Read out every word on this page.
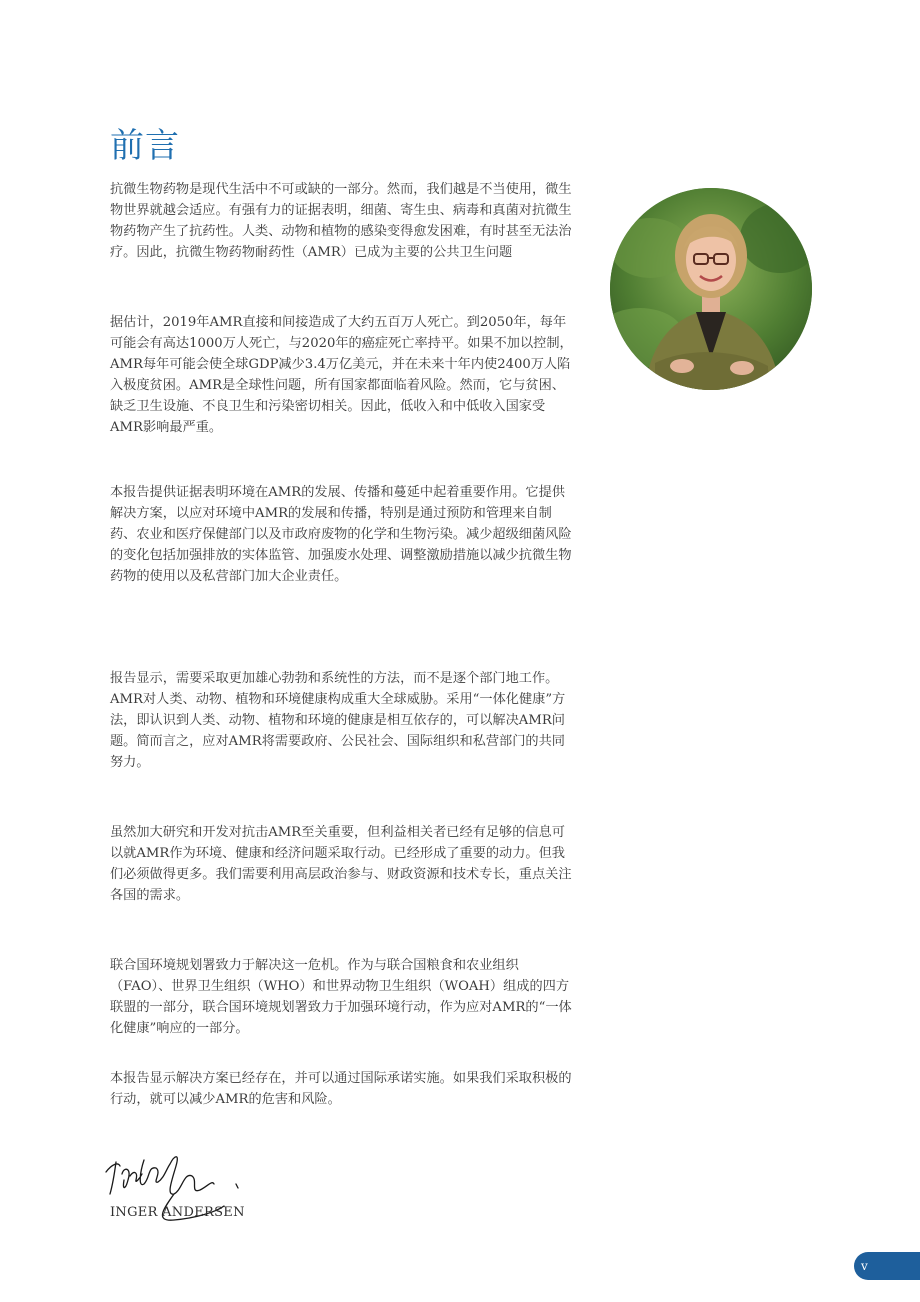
前言

抗微生物药物是现代生活中不可或缺的一部分。然而，我们越是不当使用，微生物世界就越会适应。有强有力的证据表明，细菌、寄生虫、病毒和真菌对抗微生物药物产生了抗药性。人类、动物和植物的感染变得愈发困难，有时甚至无法治疗。因此，抗微生物药物耐药性（AMR）已成为主要的公共卫生问题

据估计，2019年AMR直接和间接造成了大约五百万人死亡。到2050年，每年可能会有高达1000万人死亡，与2020年的癌症死亡率持平。如果不加以控制，AMR每年可能会使全球GDP减少3.4万亿美元，并在未来十年内使2400万人陷入极度贫困。AMR是全球性问题，所有国家都面临着风险。然而，它与贫困、缺乏卫生设施、不良卫生和污染密切相关。因此，低收入和中低收入国家受AMR影响最严重。

本报告提供证据表明环境在AMR的发展、传播和蔓延中起着重要作用。它提供解决方案，以应对环境中AMR的发展和传播，特别是通过预防和管理来自制药、农业和医疗保健部门以及市政府废物的化学和生物污染。减少超级细菌风险的变化包括加强排放的实体监管、加强废水处理、调整激励措施以减少抗微生物药物的使用以及私营部门加大企业责任。

报告显示，需要采取更加雄心勃勃和系统性的方法，而不是逐个部门地工作。AMR对人类、动物、植物和环境健康构成重大全球威胁。采用“一体化健康”方法，即认识到人类、动物、植物和环境的健康是相互依存的，可以解决AMR问题。简而言之，应对AMR将需要政府、公民社会、国际组织和私营部门的共同努力。

虽然加大研究和开发对抗击AMR至关重要，但利益相关者已经有足够的信息可以就AMR作为环境、健康和经济问题采取行动。已经形成了重要的动力。但我们必须做得更多。我们需要利用高层政治参与、财政资源和技术专长，重点关注各国的需求。

联合国环境规划署致力于解决这一危机。作为与联合国粮食和农业组织（FAO）、世界卫生组织（WHO）和世界动物卫生组织（WOAH）组成的四方联盟的一部分，联合国环境规划署致力于加强环境行动，作为应对AMR的“一体化健康”响应的一部分。

本报告显示解决方案已经存在，并可以通过国际承诺实施。如果我们采取积极的行动，就可以减少AMR的危害和风险。

INGER ANDERSEN
v
